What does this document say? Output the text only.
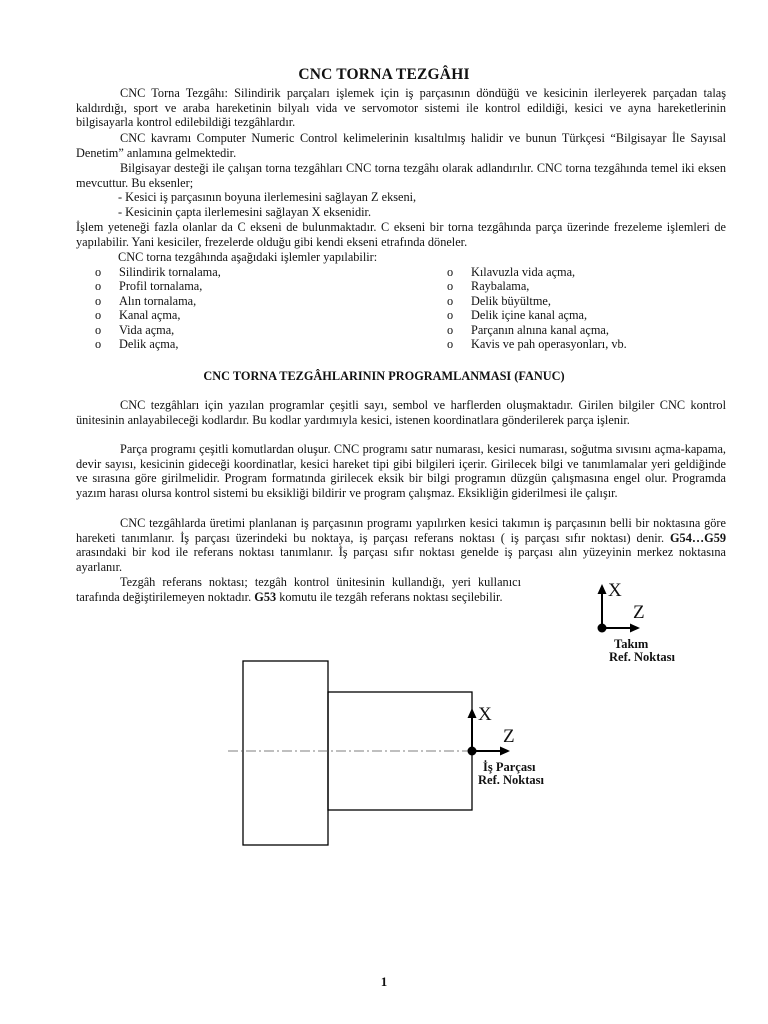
CNC TORNA TEZGÂHI

CNC Torna Tezgâhı: Silindirik parçaları işlemek için iş parçasının döndüğü ve kesicinin ilerleyerek parçadan talaş kaldırdığı, sport ve araba hareketinin bilyalı vida ve servomotor sistemi ile kontrol edildiği, kesici ve ayna hareketlerinin bilgisayarla kontrol edilebildiği tezgâhlardır.

CNC kavramı Computer Numeric Control kelimelerinin kısaltılmış halidir ve bunun Türkçesi “Bilgisayar İle Sayısal Denetim” anlamına gelmektedir.

Bilgisayar desteği ile çalışan torna tezgâhları CNC torna tezgâhı olarak adlandırılır. CNC torna tezgâhında temel iki eksen mevcuttur. Bu eksenler;

- Kesici iş parçasının boyuna ilerlemesini sağlayan Z ekseni,

- Kesicinin çapta ilerlemesini sağlayan X eksenidir.

İşlem yeteneği fazla olanlar da C ekseni de bulunmaktadır. C ekseni bir torna tezgâhında parça üzerinde frezeleme işlemleri de yapılabilir. Yani kesiciler, frezelerde olduğu gibi kendi ekseni etrafında döneler.

CNC torna tezgâhında aşağıdaki işlemler yapılabilir:

o	Silindirik tornalama,
o	Profil tornalama,
o	Alın tornalama,
o	Kanal açma,
o	Vida açma,
o	Delik açma,
o	Kılavuzla vida açma,
o	Raybalama,
o	Delik büyültme,
o	Delik içine kanal açma,
o	Parçanın alnına kanal açma,
o	Kavis ve pah operasyonları, vb.
CNC TORNA TEZGÂHLARININ PROGRAMLANMASI (FANUC)

CNC tezgâhları için yazılan programlar çeşitli sayı, sembol ve harflerden oluşmaktadır. Girilen bilgiler CNC kontrol ünitesinin anlayabileceği kodlardır. Bu kodlar yardımıyla kesici, istenen koordinatlara gönderilerek parça işlenir.

Parça programı çeşitli komutlardan oluşur. CNC programı satır numarası, kesici numarası, soğutma sıvısını açma-kapama, devir sayısı, kesicinin gideceği koordinatlar, kesici hareket tipi gibi bilgileri içerir. Girilecek bilgi ve tanımlamalar yeri geldiğinde ve sırasına göre girilmelidir. Program formatında girilecek eksik bir bilgi programın düzgün çalışmasına engel olur. Programda yazım harası olursa kontrol sistemi bu eksikliği bildirir ve program çalışmaz. Eksikliğin giderilmesi ile çalışır.

CNC tezgâhlarda üretimi planlanan iş parçasının programı yapılırken kesici takımın iş parçasının belli bir noktasına göre hareketi tanımlanır. İş parçası üzerindeki bu noktaya, iş parçası referans noktası ( iş parçası sıfır noktası) denir. G54…G59 arasındaki bir kod ile referans noktası tanımlanır. İş parçası sıfır noktası genelde iş parçası alın yüzeyinin merkez noktasına ayarlanır.

Tezgâh referans noktası; tezgâh kontrol ünitesinin kullandığı, yeri kullanıcı tarafında değiştirilemeyen noktadır. G53 komutu ile tezgâh referans noktası seçilebilir.	X
Z
Takım
Ref. Noktası
X
Z
İş Parçası
Ref. Noktası
1
